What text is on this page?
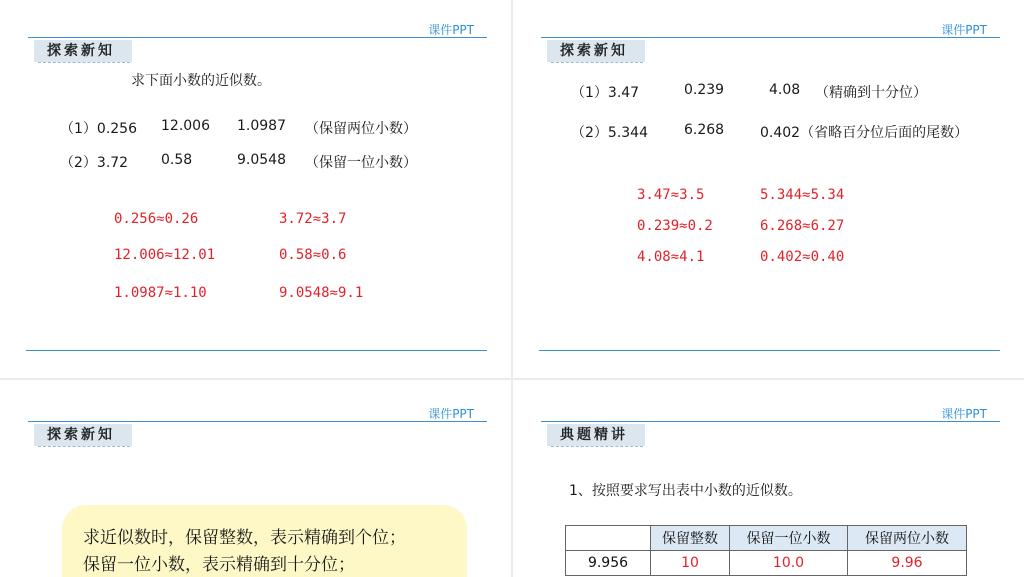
课件PPT
探索新知
求下面小数的近似数。
（1）0.256 12.006 1.0987 （保留两位小数）
（2）3.72 0.58	9.0548 （保留一位小数）
0.256≈0.26	3.72≈3.7
12.006≈12.01	0.58≈0.6
1.0987≈1.10	9.0548≈9.1
课件PPT
探索新知
（1）3.47	0.239	4.08 （精确到十分位）
（2）5.344	6.268	0.402（省略百分位后面的尾数）
3.47≈3.5	5.344≈5.34
0.239≈0.2	6.268≈6.27
4.08≈4.1	0.402≈0.40
课件PPT
探索新知
求近似数时，保留整数，表示精确到个位；
保留一位小数，表示精确到十分位；
课件PPT
典题精讲
1、按照要求写出表中小数的近似数。
	保留整数	保留一位小数	保留两位小数
9.956	10	10.0	9.96
